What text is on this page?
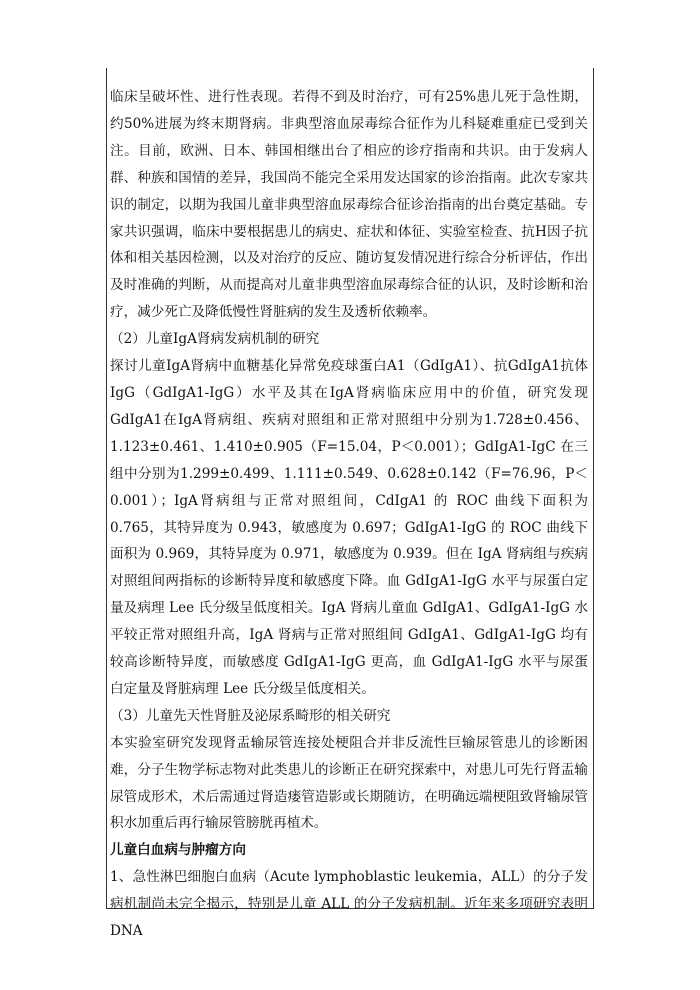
临床呈破坏性、进行性表现。若得不到及时治疗，可有25%患儿死于急性期，约50%进展为终末期肾病。非典型溶血尿毒综合征作为儿科疑难重症已受到关注。目前，欧洲、日本、韩国相继出台了相应的诊疗指南和共识。由于发病人群、种族和国情的差异，我国尚不能完全采用发达国家的诊治指南。此次专家共识的制定，以期为我国儿童非典型溶血尿毒综合征诊治指南的出台奠定基础。专家共识强调，临床中要根据患儿的病史、症状和体征、实验室检查、抗H因子抗体和相关基因检测，以及对治疗的反应、随访复发情况进行综合分析评估，作出及时准确的判断，从而提高对儿童非典型溶血尿毒综合征的认识，及时诊断和治疗，减少死亡及降低慢性肾脏病的发生及透析依赖率。

（2）儿童IgA肾病发病机制的研究

探讨儿童IgA肾病中血糖基化异常免疫球蛋白A1（GdIgA1）、抗GdIgA1抗体IgG（GdIgA1-IgG）水平及其在IgA肾病临床应用中的价值，研究发现 GdIgA1在IgA肾病组、疾病对照组和正常对照组中分别为1.728±0.456、1.123±0.461、1.410±0.905（F=15.04，P＜0.001）；GdIgA1-IgC 在三组中分别为1.299±0.499、1.111±0.549、0.628±0.142（F=76.96，P＜0.001）；IgA肾病组与正常对照组间，CdIgA1 的 ROC 曲线下面积为 0.765，其特异度为 0.943，敏感度为 0.697；GdIgA1-IgG 的 ROC 曲线下面积为 0.969，其特异度为 0.971，敏感度为 0.939。但在 IgA 肾病组与疾病对照组间两指标的诊断特异度和敏感度下降。血 GdIgA1-IgG 水平与尿蛋白定量及病理 Lee 氏分级呈低度相关。IgA 肾病儿童血 GdIgA1、GdIgA1-IgG 水平较正常对照组升高，IgA 肾病与正常对照组间 GdIgA1、GdIgA1-IgG 均有较高诊断特异度，而敏感度 GdIgA1-IgG 更高，血 GdIgA1-IgG 水平与尿蛋白定量及肾脏病理 Lee 氏分级呈低度相关。

（3）儿童先天性肾脏及泌尿系畸形的相关研究

本实验室研究发现肾盂输尿管连接处梗阻合并非反流性巨输尿管患儿的诊断困难，分子生物学标志物对此类患儿的诊断正在研究探索中，对患儿可先行肾盂输尿管成形术，术后需通过肾造瘘管造影或长期随访，在明确远端梗阻致肾输尿管积水加重后再行输尿管膀胱再植术。

儿童白血病与肿瘤方向

1、急性淋巴细胞白血病（Acute lymphoblastic leukemia，ALL）的分子发病机制尚未完全揭示，特别是儿童 ALL 的分子发病机制。近年来多项研究表明 DNA
